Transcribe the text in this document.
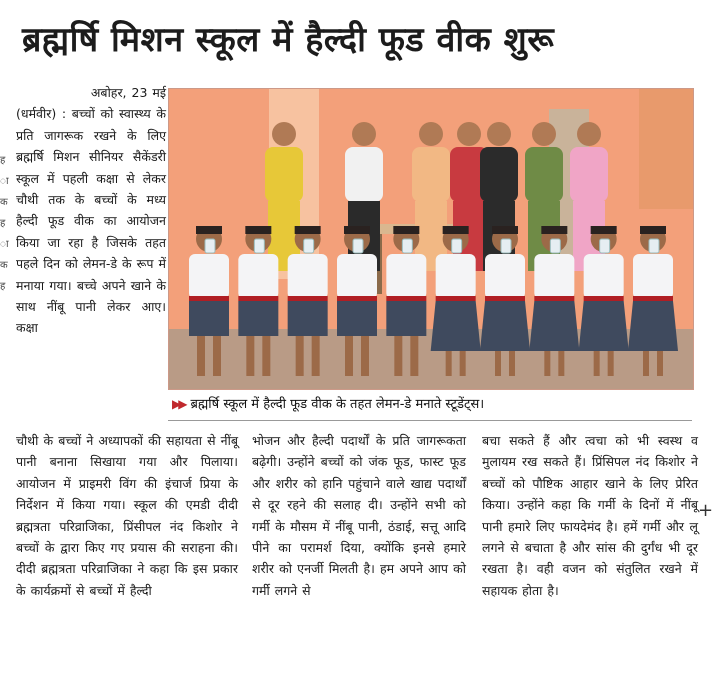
ब्रह्मर्षि मिशन स्कूल में हैल्दी फूड वीक शुरू
ह
ा
क
ह
ा
क
ह
अबोहर, 23 मई

(धर्मवीर) : बच्चों को स्वास्थ्य के प्रति जागरूक रखने के लिए ब्रह्मर्षि मिशन सीनियर सैकेंडरी स्कूल में पहली कक्षा से लेकर चौथी तक के बच्चों के मध्य हैल्दी फूड वीक का आयोजन किया जा रहा है जिसके तहत पहले दिन को लेमन-डे के रूप में मनाया गया। बच्चे अपने खाने के साथ नींबू पानी लेकर आए। कक्षा

▶▶ ब्रह्मर्षि स्कूल में हैल्दी फूड वीक के तहत लेमन-डे मनाते स्टूडेंट्स।

चौथी के बच्चों ने अध्यापकों की सहायता से नींबू पानी बनाना सिखाया गया और पिलाया। आयोजन में प्राइमरी विंग की इंचार्ज प्रिया के निर्देशन में किया गया। स्कूल की एमडी दीदी ब्रह्मत्रता परिव्राजिका, प्रिंसीपल नंद किशोर ने बच्चों के द्वारा किए गए प्रयास की सराहना की। दीदी ब्रह्मत्रता परिव्राजिका ने कहा कि इस प्रकार के कार्यक्रमों से बच्चों में हैल्दी

भोजन और हैल्दी पदार्थों के प्रति जागरूकता बढ़ेगी। उन्होंने बच्चों को जंक फूड, फास्ट फूड और शरीर को हानि पहुंचाने वाले खाद्य पदार्थों से दूर रहने की सलाह दी। उन्होंने सभी को गर्मी के मौसम में नींबू पानी, ठंडाई, सत्तू आदि पीने का परामर्श दिया, क्योंकि इनसे हमारे शरीर को एनर्जी मिलती है। हम अपने आप को गर्मी लगने से

बचा सकते हैं और त्वचा को भी स्वस्थ व मुलायम रख सकते हैं। प्रिंसिपल नंद किशोर ने बच्चों को पौष्टिक आहार खाने के लिए प्रेरित किया। उन्होंने कहा कि गर्मी के दिनों में नींबू पानी हमारे लिए फायदेमंद है। हमें गर्मी और लू लगने से बचाता है और सांस की दुर्गंध भी दूर रखता है। वही वजन को संतुलित रखने में सहायक होता है।

+
